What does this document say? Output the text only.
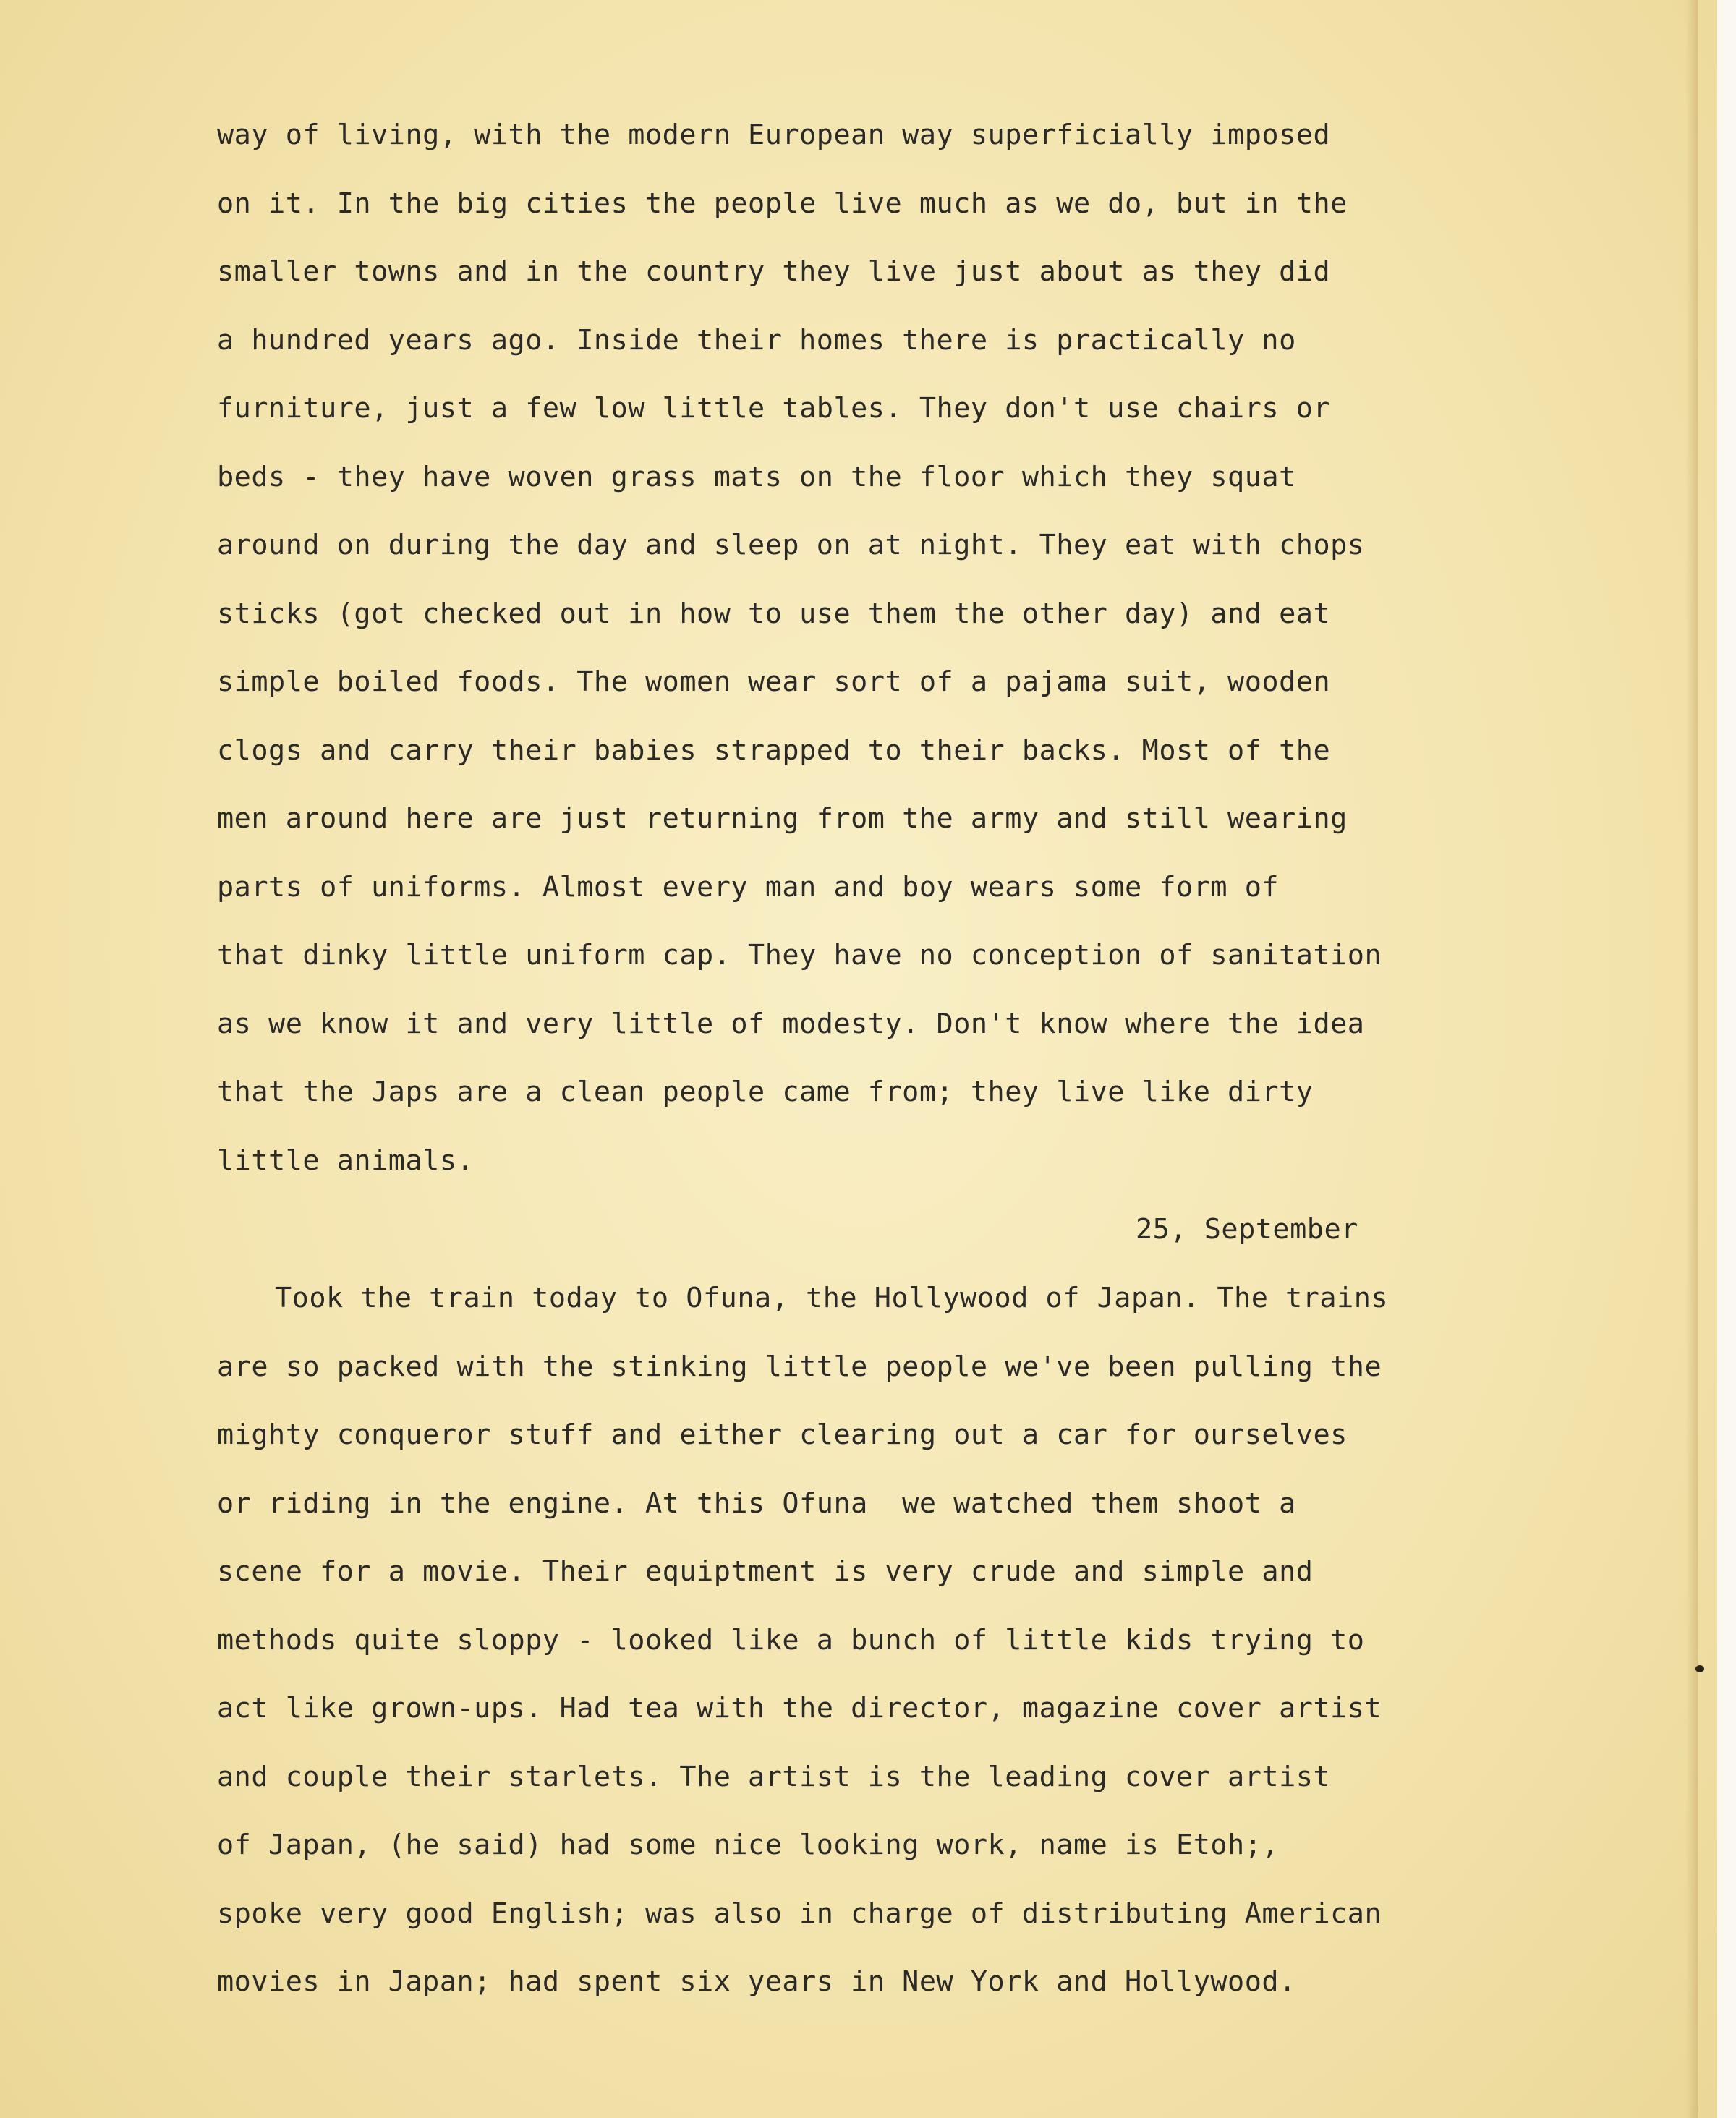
way of living, with the modern European way superficially imposed
on it. In the big cities the people live much as we do, but in the
smaller towns and in the country they live just about as they did
a hundred years ago. Inside their homes there is practically no
furniture, just a few low little tables. They don't use chairs or
beds - they have woven grass mats on the floor which they squat
around on during the day and sleep on at night. They eat with chops
sticks (got checked out in how to use them the other day) and eat
simple boiled foods. The women wear sort of a pajama suit, wooden
clogs and carry their babies strapped to their backs. Most of the
men around here are just returning from the army and still wearing
parts of uniforms. Almost every man and boy wears some form of
that dinky little uniform cap. They have no conception of sanitation
as we know it and very little of modesty. Don't know where the idea
that the Japs are a clean people came from; they live like dirty
little animals.
25, September
Took the train today to Ofuna, the Hollywood of Japan. The trains
are so packed with the stinking little people we've been pulling the
mighty conqueror stuff and either clearing out a car for ourselves
or riding in the engine. At this Ofuna  we watched them shoot a
scene for a movie. Their equiptment is very crude and simple and
methods quite sloppy - looked like a bunch of little kids trying to
act like grown-ups. Had tea with the director, magazine cover artist
and couple their starlets. The artist is the leading cover artist
of Japan, (he said) had some nice looking work, name is Etoh;,
spoke very good English; was also in charge of distributing American
movies in Japan; had spent six years in New York and Hollywood.
